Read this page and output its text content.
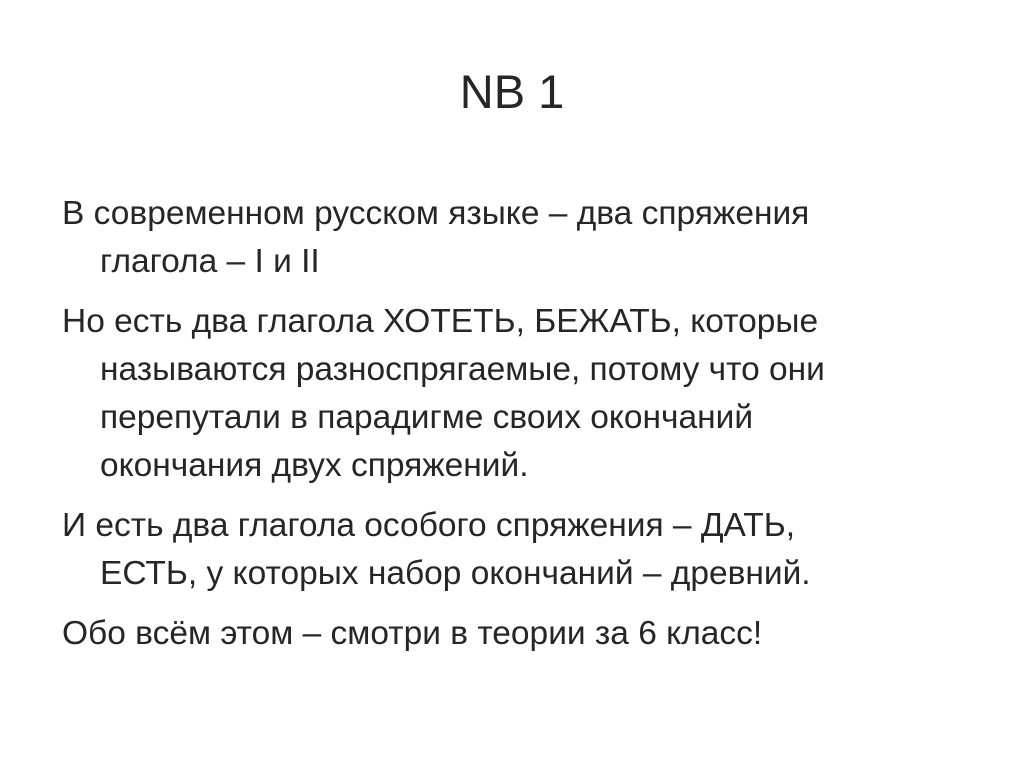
NB 1
В современном русском языке – два спряжения
глагола – I и II
Но есть два глагола ХОТЕТЬ, БЕЖАТЬ, которые
называются разноспрягаемые, потому что они
перепутали в парадигме своих окончаний
окончания двух спряжений.
И есть два глагола особого спряжения – ДАТЬ,
ЕСТЬ, у которых набор окончаний – древний.
Обо всём этом – смотри в теории за 6 класс!
